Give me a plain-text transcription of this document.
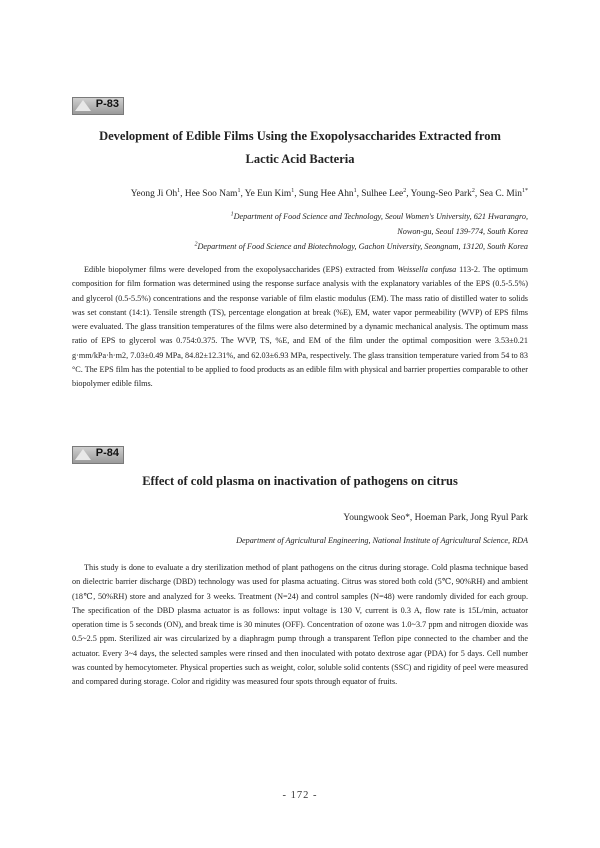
P-83
Development of Edible Films Using the Exopolysaccharides Extracted from
Lactic Acid Bacteria
Yeong Ji Oh$^1$, Hee Soo Nam$^1$, Ye Eun Kim$^1$, Sung Hee Ahn$^1$, Sulhee Lee$^2$, Young-Seo Park$^2$, Sea C. Min$^{1*}$
$^1$Department of Food Science and Technology, Seoul Women's University, 621 Hwarangro,
Nowon-gu, Seoul 139-774, South Korea
$^2$Department of Food Science and Biotechnology, Gachon University, Seongnam, 13120, South Korea

Edible biopolymer films were developed from the exopolysaccharides (EPS) extracted from Weissella confusa 113-2. The optimum composition for film formation was determined using the response surface analysis with the explanatory variables of the EPS (0.5-5.5%) and glycerol (0.5-5.5%) concentrations and the response variable of film elastic modulus (EM). The mass ratio of distilled water to solids was set constant (14:1). Tensile strength (TS), percentage elongation at break (%E), EM, water vapor permeability (WVP) of EPS films were evaluated. The glass transition temperatures of the films were also determined by a dynamic mechanical analysis. The optimum mass ratio of EPS to glycerol was 0.754:0.375. The WVP, TS, %E, and EM of the film under the optimal composition were 3.53±0.21 g·mm/kPa·h·m2, 7.03±0.49 MPa, 84.82±12.31%, and 62.03±6.93 MPa, respectively. The glass transition temperature varied from 54 to 83 °C. The EPS film has the potential to be applied to food products as an edible film with physical and barrier properties comparable to other biopolymer edible films.

P-84
Effect of cold plasma on inactivation of pathogens on citrus
Youngwook Seo*, Hoeman Park, Jong Ryul Park
Department of Agricultural Engineering, National Institute of Agricultural Science, RDA

This study is done to evaluate a dry sterilization method of plant pathogens on the citrus during storage. Cold plasma technique based on dielectric barrier discharge (DBD) technology was used for plasma actuating. Citrus was stored both cold (5℃, 90%RH) and ambient (18℃, 50%RH) store and analyzed for 3 weeks. Treatment (N=24) and control samples (N=48) were randomly divided for each group. The specification of the DBD plasma actuator is as follows: input voltage is 130 V, current is 0.3 A, flow rate is 15L/min, actuator operation time is 5 seconds (ON), and break time is 30 minutes (OFF). Concentration of ozone was 1.0~3.7 ppm and nitrogen dioxide was 0.5~2.5 ppm. Sterilized air was circularized by a diaphragm pump through a transparent Teflon pipe connected to the chamber and the actuator. Every 3~4 days, the selected samples were rinsed and then inoculated with potato dextrose agar (PDA) for 5 days. Cell number was counted by hemocytometer. Physical properties such as weight, color, soluble solid contents (SSC) and rigidity of peel were measured and compared during storage. Color and rigidity was measured four spots through equator of fruits.

- 172 -
